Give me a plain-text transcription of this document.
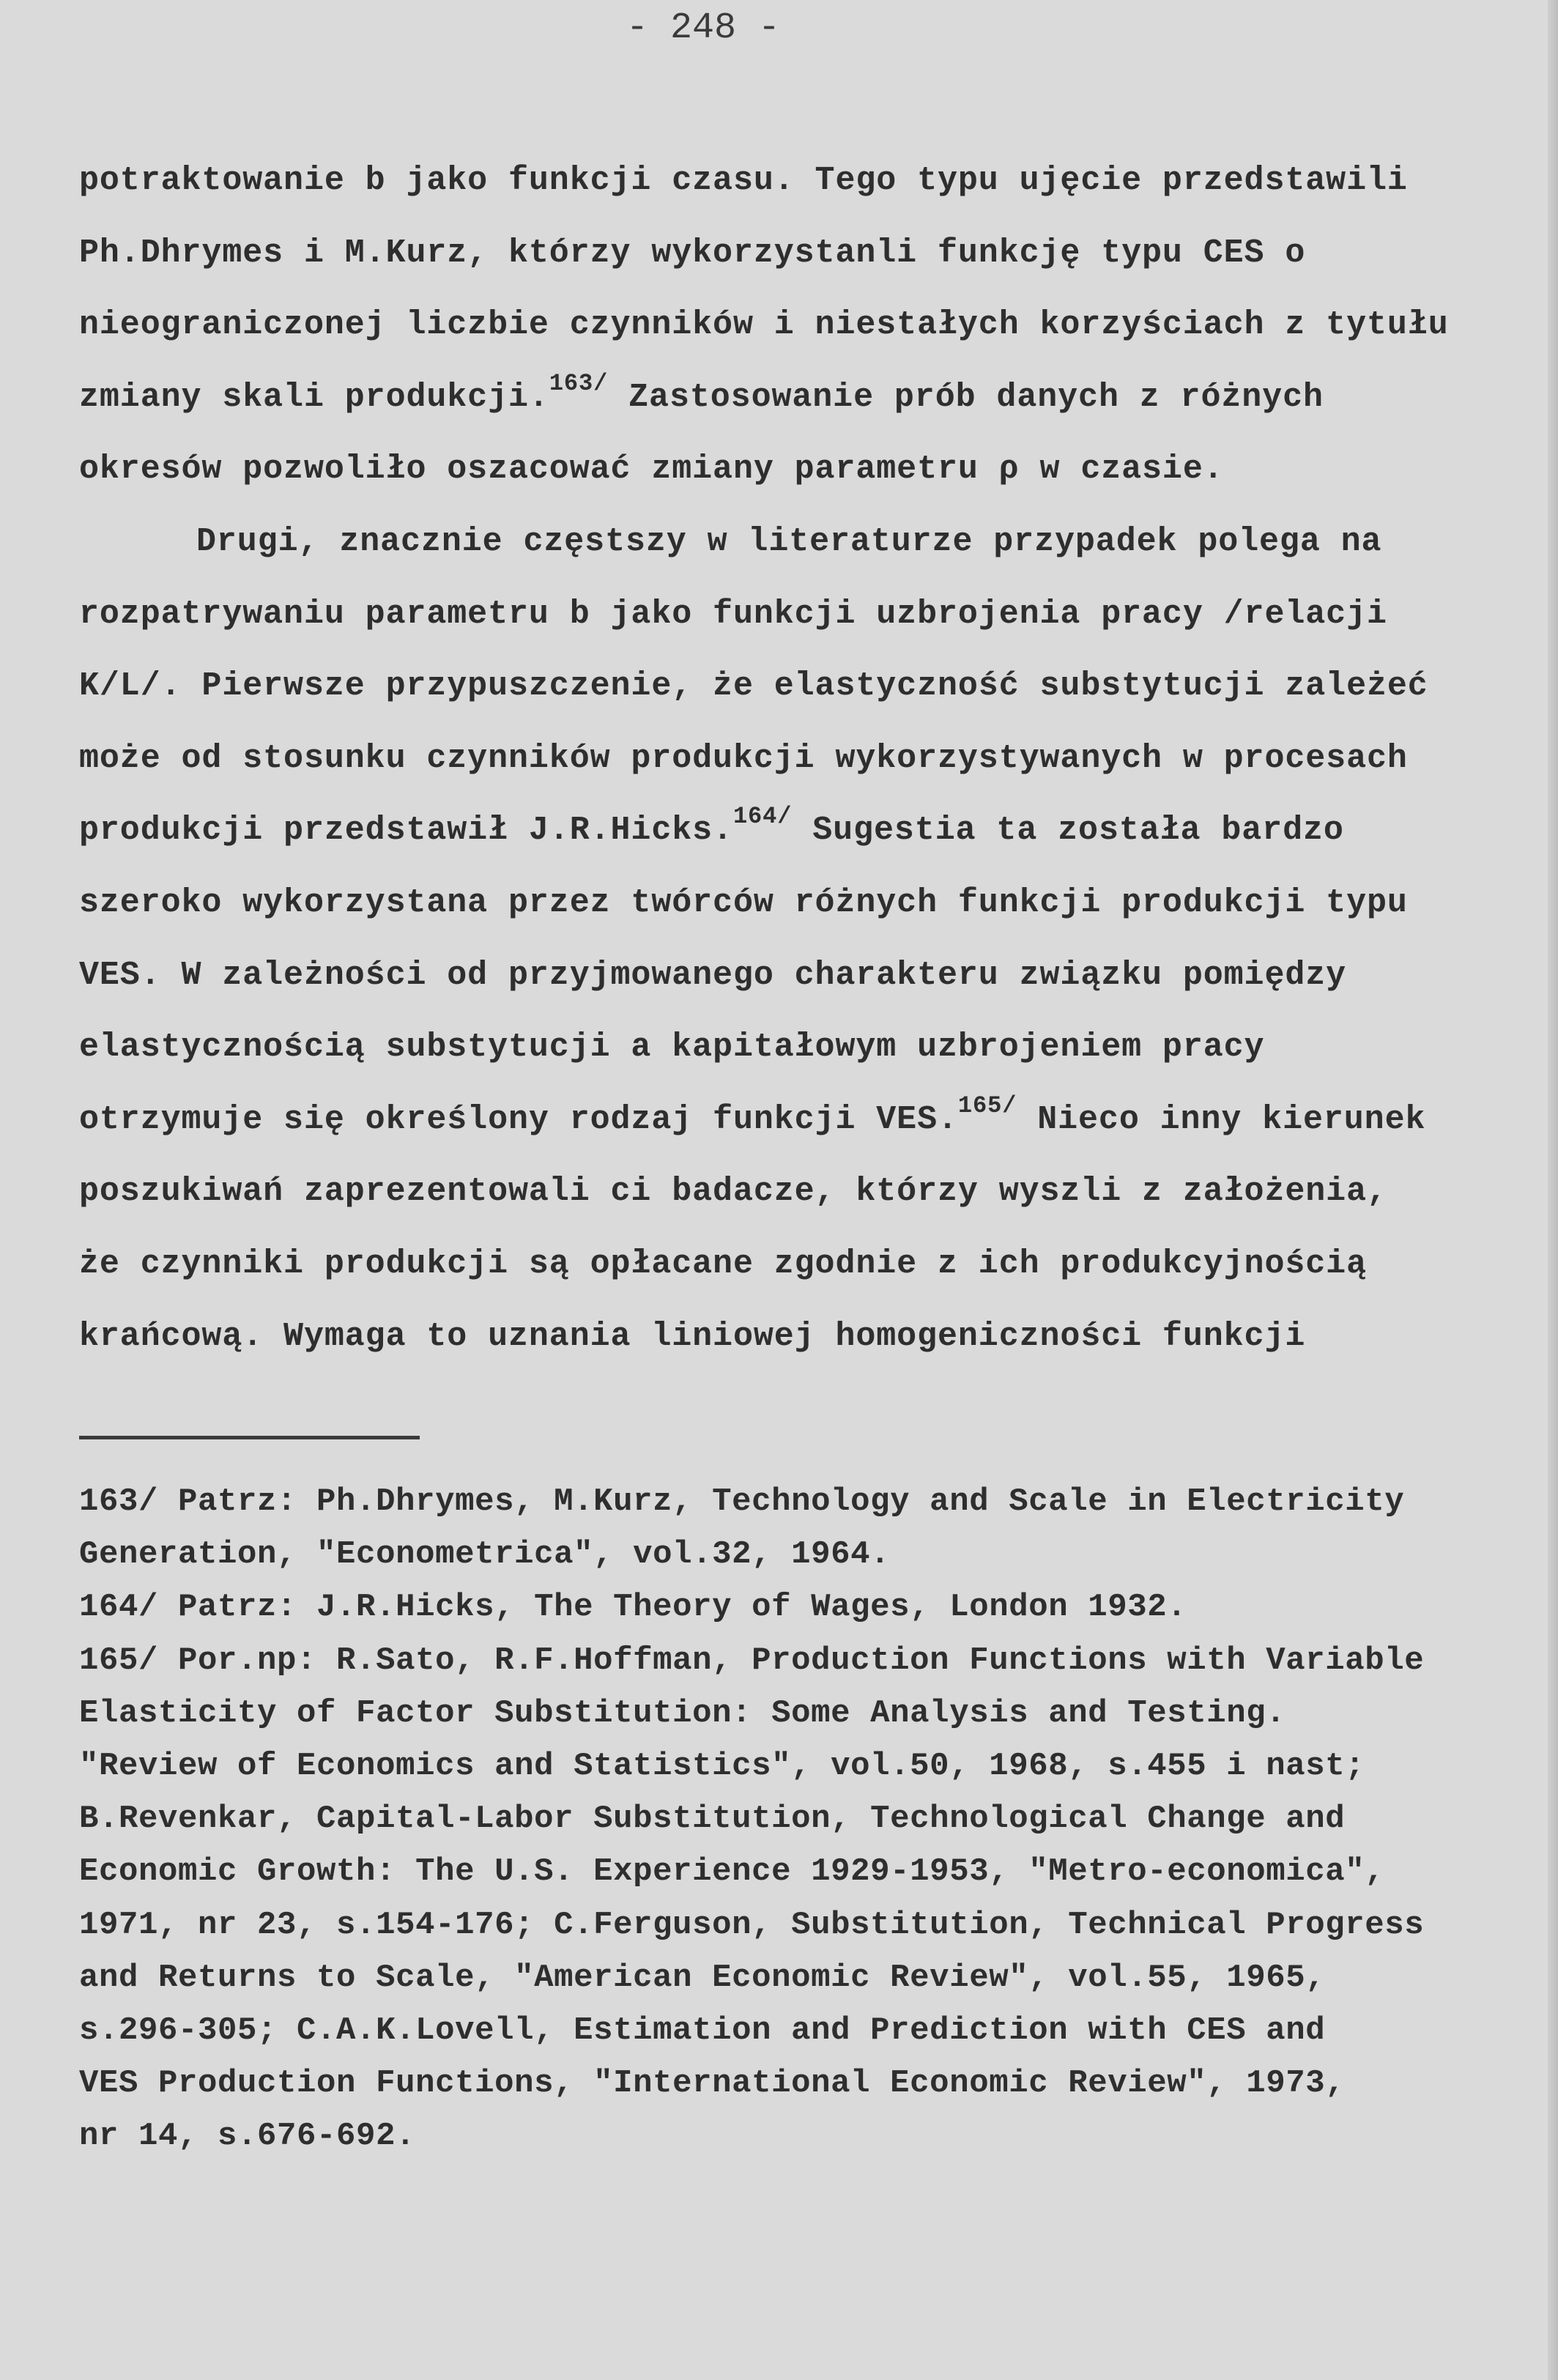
- 248 -
potraktowanie b jako funkcji czasu. Tego typu ujęcie przedstawili
Ph.Dhrymes i M.Kurz, którzy wykorzystanli funkcję typu CES o
nieograniczonej liczbie czynników i niestałych korzyściach z tytułu
zmiany skali produkcji.$^{163/}$ Zastosowanie prób danych z różnych
okresów pozwoliło oszacować zmiany parametru ρ w czasie.
Drugi, znacznie częstszy w literaturze przypadek polega na
rozpatrywaniu parametru b jako funkcji uzbrojenia pracy /relacji
K/L/. Pierwsze przypuszczenie, że elastyczność substytucji zależeć
może od stosunku czynników produkcji wykorzystywanych w procesach
produkcji przedstawił J.R.Hicks.$^{164/}$ Sugestia ta została bardzo
szeroko wykorzystana przez twórców różnych funkcji produkcji typu
VES. W zależności od przyjmowanego charakteru związku pomiędzy
elastycznością substytucji a kapitałowym uzbrojeniem pracy
otrzymuje się określony rodzaj funkcji VES.$^{165/}$ Nieco inny kierunek
poszukiwań zaprezentowali ci badacze, którzy wyszli z założenia,
że czynniki produkcji są opłacane zgodnie z ich produkcyjnością
krańcową. Wymaga to uznania liniowej homogeniczności funkcji
163/ Patrz: Ph.Dhrymes, M.Kurz, Technology and Scale in Electricity
Generation, "Econometrica", vol.32, 1964.
164/ Patrz: J.R.Hicks, The Theory of Wages, London 1932.
165/ Por.np: R.Sato, R.F.Hoffman, Production Functions with Variable
Elasticity of Factor Substitution: Some Analysis and Testing.
"Review of Economics and Statistics", vol.50, 1968, s.455 i nast;
B.Revenkar, Capital-Labor Substitution, Technological Change and
Economic Growth: The U.S. Experience 1929-1953, "Metro-economica",
1971, nr 23, s.154-176; C.Ferguson, Substitution, Technical Progress
and Returns to Scale, "American Economic Review", vol.55, 1965,
s.296-305; C.A.K.Lovell, Estimation and Prediction with CES and
VES Production Functions, "International Economic Review", 1973,
nr 14, s.676-692.
